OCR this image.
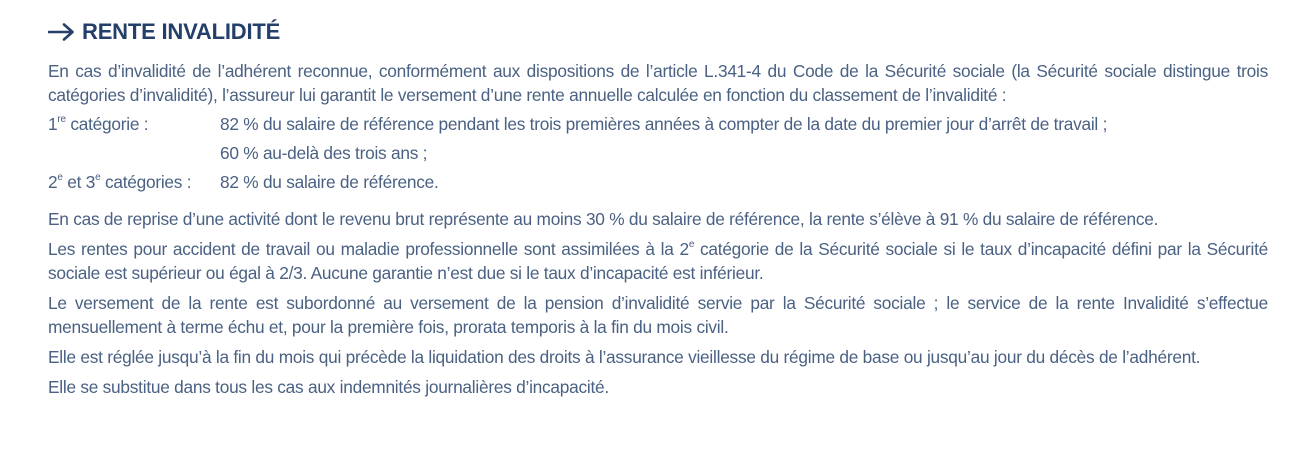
RENTE INVALIDITÉ

En cas d’invalidité de l’adhérent reconnue, conformément aux dispositions de l’article L.341-4 du Code de la Sécurité sociale (la Sécurité sociale distingue trois catégories d’invalidité), l’assureur lui garantit le versement d’une rente annuelle calculée en fonction du classement de l’invalidité :

1re catégorie :	82 % du salaire de référence pendant les trois premières années à compter de la date du premier jour d’arrêt de travail ;
60 % au-delà des trois ans ;
2e et 3e catégories :	82 % du salaire de référence.

En cas de reprise d’une activité dont le revenu brut représente au moins 30 % du salaire de référence, la rente s’élève à 91 % du salaire de référence.

Les rentes pour accident de travail ou maladie professionnelle sont assimilées à la 2e catégorie de la Sécurité sociale si le taux d’incapacité défini par la Sécurité sociale est supérieur ou égal à 2/3. Aucune garantie n’est due si le taux d’incapacité est inférieur.

Le versement de la rente est subordonné au versement de la pension d’invalidité servie par la Sécurité sociale ; le service de la rente Invalidité s’effectue mensuellement à terme échu et, pour la première fois, prorata temporis à la fin du mois civil.

Elle est réglée jusqu’à la fin du mois qui précède la liquidation des droits à l’assurance vieillesse du régime de base ou jusqu’au jour du décès de l’adhérent.

Elle se substitue dans tous les cas aux indemnités journalières d’incapacité.
